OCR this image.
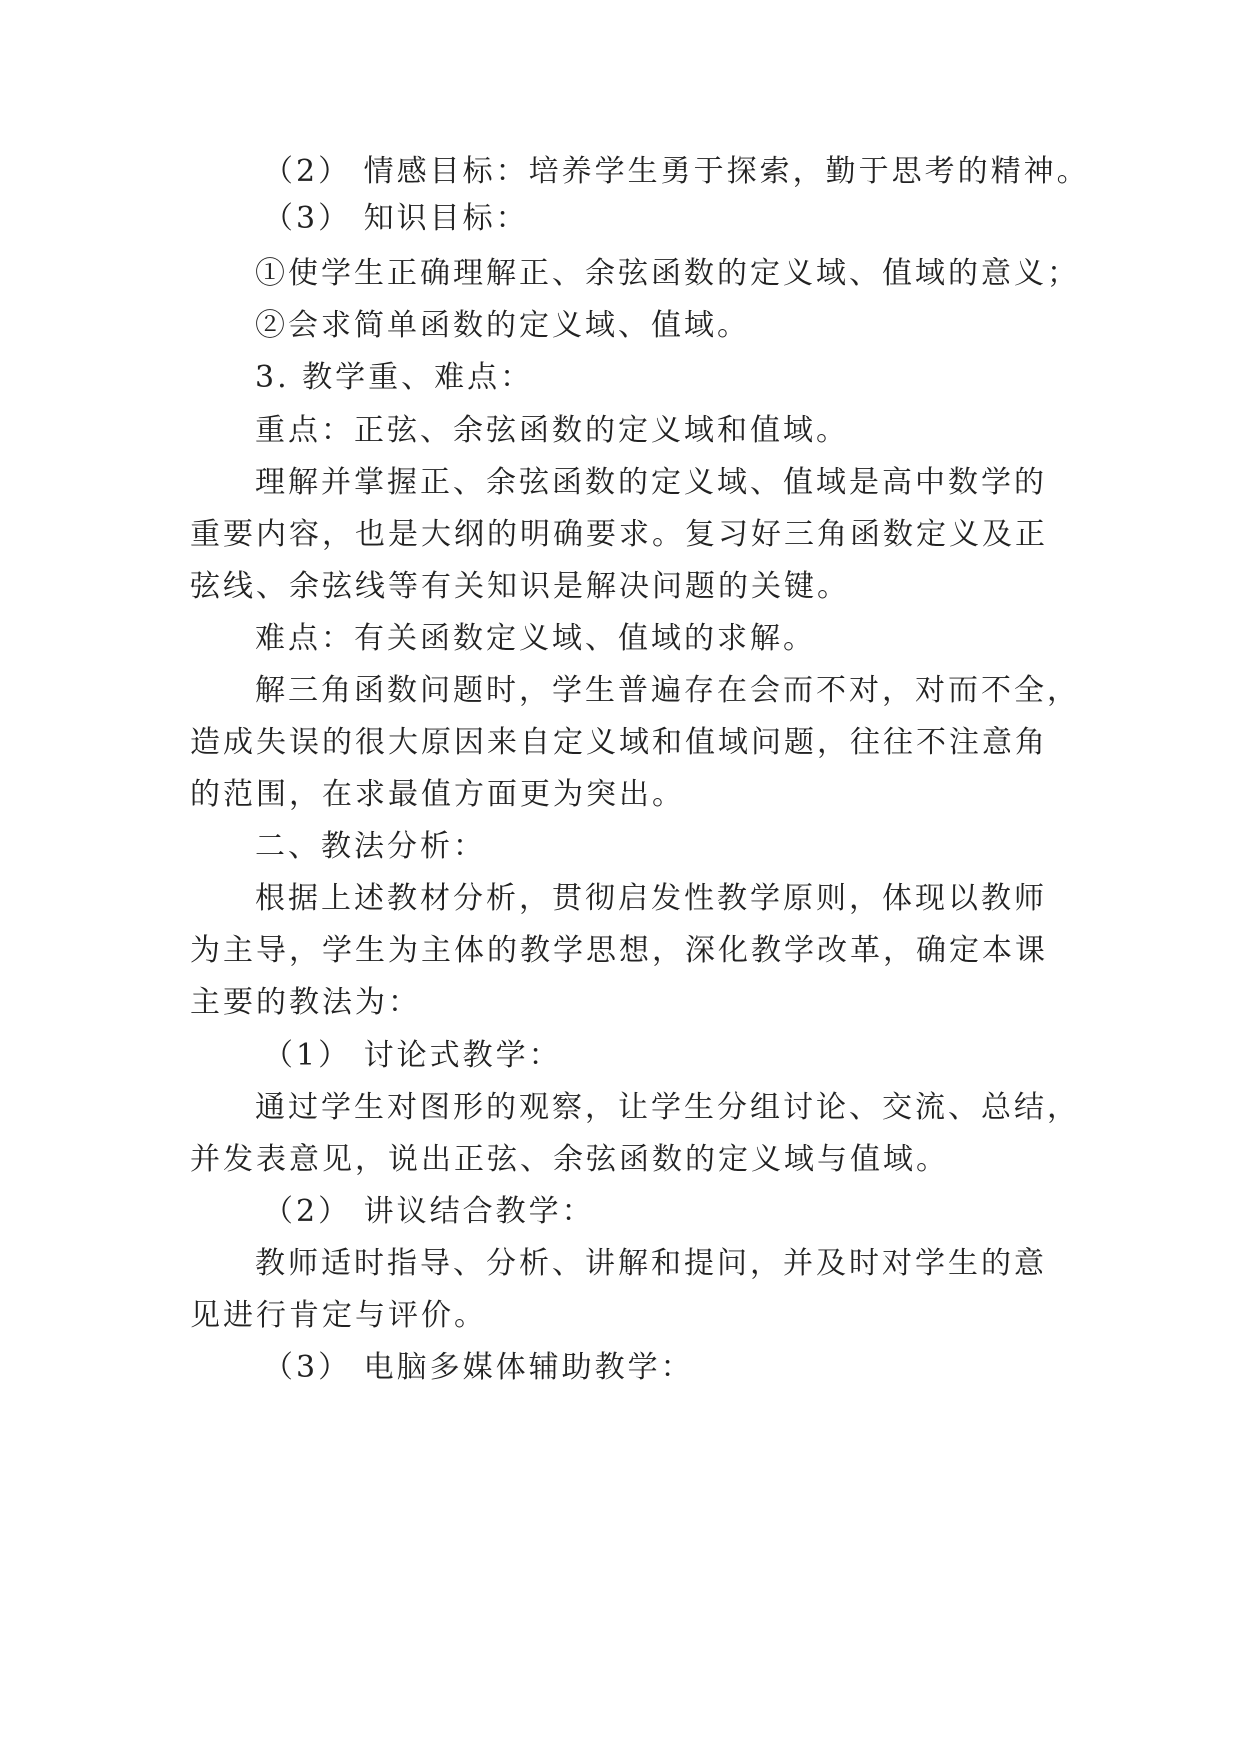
（2） 情感目标：培养学生勇于探索，勤于思考的精神。
（3） 知识目标：
①使学生正确理解正、余弦函数的定义域、值域的意义；
②会求简单函数的定义域、值域。
3. 教学重、难点：
重点：正弦、余弦函数的定义域和值域。
理解并掌握正、余弦函数的定义域、值域是高中数学的
重要内容，也是大纲的明确要求。复习好三角函数定义及正
弦线、余弦线等有关知识是解决问题的关键。
难点：有关函数定义域、值域的求解。
解三角函数问题时，学生普遍存在会而不对，对而不全，
造成失误的很大原因来自定义域和值域问题，往往不注意角
的范围，在求最值方面更为突出。
二、教法分析：
根据上述教材分析，贯彻启发性教学原则，体现以教师
为主导，学生为主体的教学思想，深化教学改革，确定本课
主要的教法为：
（1） 讨论式教学：
通过学生对图形的观察，让学生分组讨论、交流、总结，
并发表意见，说出正弦、余弦函数的定义域与值域。
（2） 讲议结合教学：
教师适时指导、分析、讲解和提问，并及时对学生的意
见进行肯定与评价。
（3） 电脑多媒体辅助教学：
